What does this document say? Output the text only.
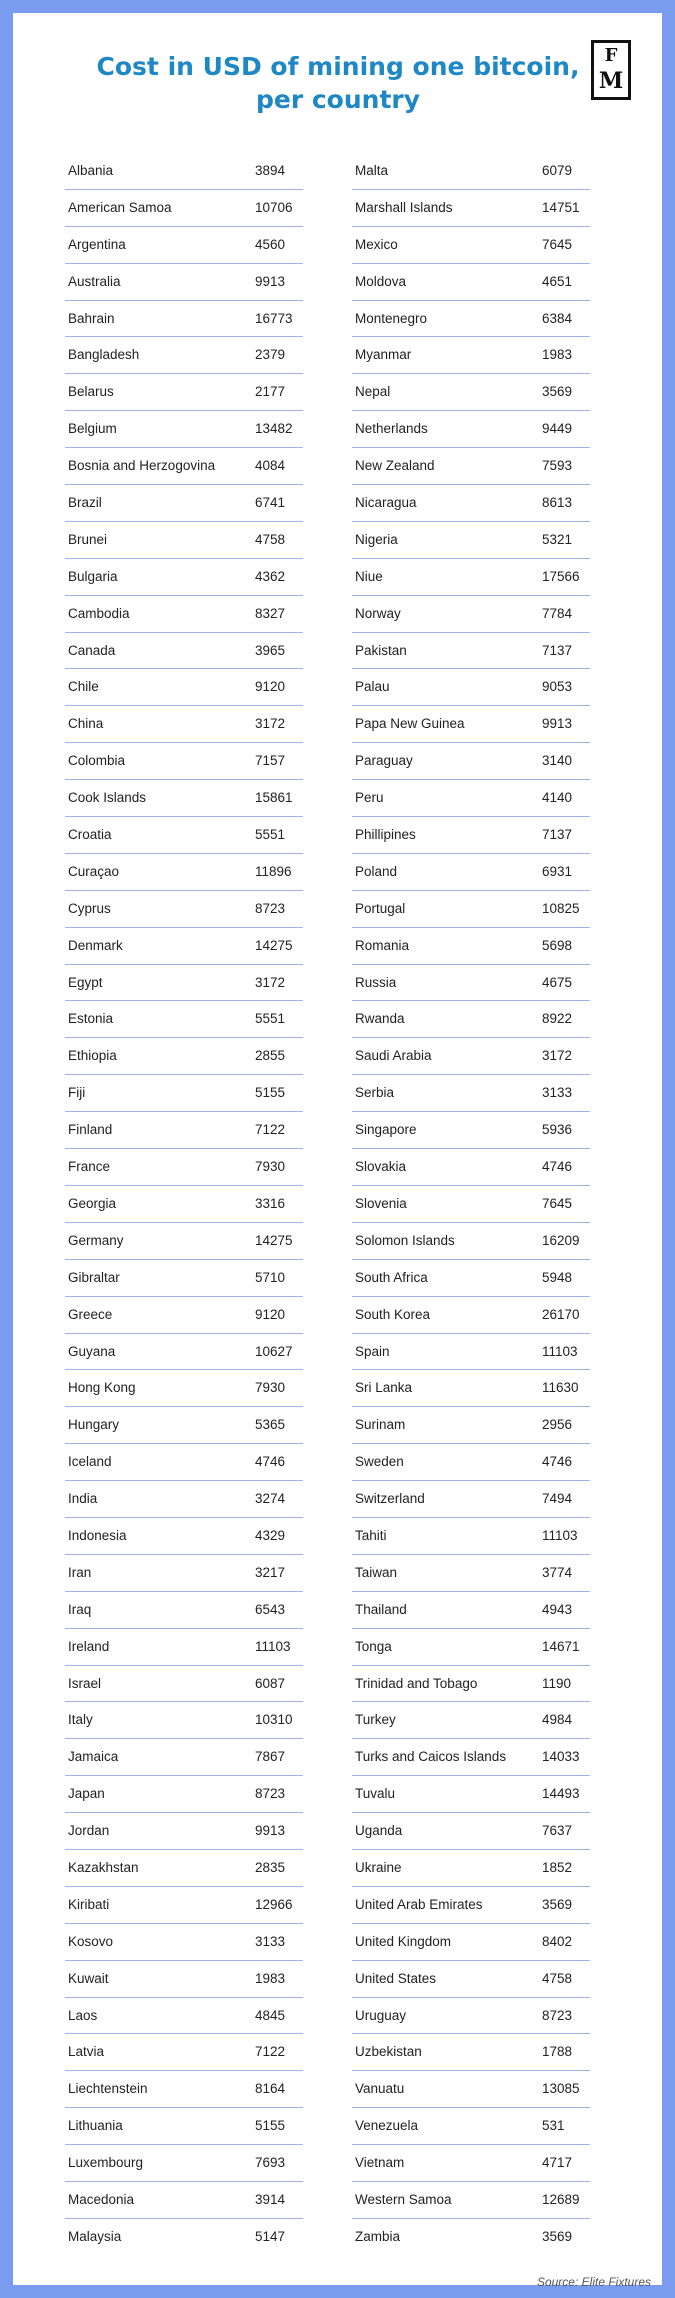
Cost in USD of mining one bitcoin,
per country
F
M
Albania	3894
American Samoa	10706
Argentina	4560
Australia	9913
Bahrain	16773
Bangladesh	2379
Belarus	2177
Belgium	13482
Bosnia and Herzogovina	4084
Brazil	6741
Brunei	4758
Bulgaria	4362
Cambodia	8327
Canada	3965
Chile	9120
China	3172
Colombia	7157
Cook Islands	15861
Croatia	5551
Curaçao	11896
Cyprus	8723
Denmark	14275
Egypt	3172
Estonia	5551
Ethiopia	2855
Fiji	5155
Finland	7122
France	7930
Georgia	3316
Germany	14275
Gibraltar	5710
Greece	9120
Guyana	10627
Hong Kong	7930
Hungary	5365
Iceland	4746
India	3274
Indonesia	4329
Iran	3217
Iraq	6543
Ireland	11103
Israel	6087
Italy	10310
Jamaica	7867
Japan	8723
Jordan	9913
Kazakhstan	2835
Kiribati	12966
Kosovo	3133
Kuwait	1983
Laos	4845
Latvia	7122
Liechtenstein	8164
Lithuania	5155
Luxembourg	7693
Macedonia	3914
Malaysia	5147
Malta	6079
Marshall Islands	14751
Mexico	7645
Moldova	4651
Montenegro	6384
Myanmar	1983
Nepal	3569
Netherlands	9449
New Zealand	7593
Nicaragua	8613
Nigeria	5321
Niue	17566
Norway	7784
Pakistan	7137
Palau	9053
Papa New Guinea	9913
Paraguay	3140
Peru	4140
Phillipines	7137
Poland	6931
Portugal	10825
Romania	5698
Russia	4675
Rwanda	8922
Saudi Arabia	3172
Serbia	3133
Singapore	5936
Slovakia	4746
Slovenia	7645
Solomon Islands	16209
South Africa	5948
South Korea	26170
Spain	11103
Sri Lanka	11630
Surinam	2956
Sweden	4746
Switzerland	7494
Tahiti	11103
Taiwan	3774
Thailand	4943
Tonga	14671
Trinidad and Tobago	1190
Turkey	4984
Turks and Caicos Islands	14033
Tuvalu	14493
Uganda	7637
Ukraine	1852
United Arab Emirates	3569
United Kingdom	8402
United States	4758
Uruguay	8723
Uzbekistan	1788
Vanuatu	13085
Venezuela	531
Vietnam	4717
Western Samoa	12689
Zambia	3569
Source: Elite Fixtures
